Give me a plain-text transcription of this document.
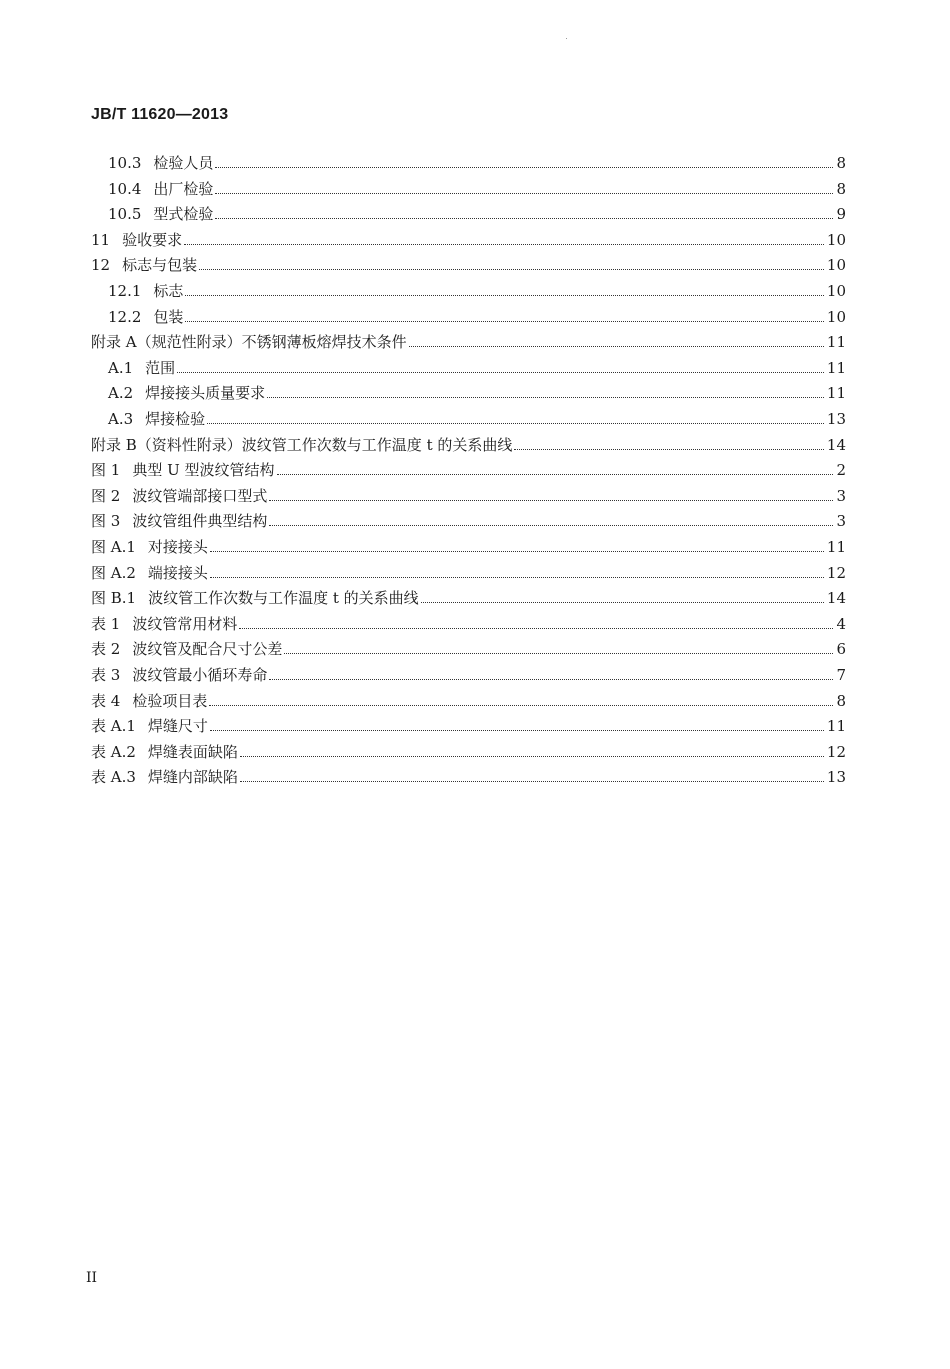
JB/T 11620—2013
10.3 检验人员	8
10.4 出厂检验	8
10.5 型式检验	9
11 验收要求	10
12 标志与包装	10
12.1 标志	10
12.2 包装	10
附录 A （规范性附录）不锈钢薄板熔焊技术条件	11
A.1 范围	11
A.2 焊接接头质量要求	11
A.3 焊接检验	13
附录 B （资料性附录）波纹管工作次数与工作温度 t 的关系曲线	14
图 1 典型 U 型波纹管结构	2
图 2 波纹管端部接口型式	3
图 3 波纹管组件典型结构	3
图 A.1 对接接头	11
图 A.2 端接接头	12
图 B.1 波纹管工作次数与工作温度 t 的关系曲线	14
表 1 波纹管常用材料	4
表 2 波纹管及配合尺寸公差	6
表 3 波纹管最小循环寿命	7
表 4 检验项目表	8
表 A.1 焊缝尺寸	11
表 A.2 焊缝表面缺陷	12
表 A.3 焊缝内部缺陷	13
II
